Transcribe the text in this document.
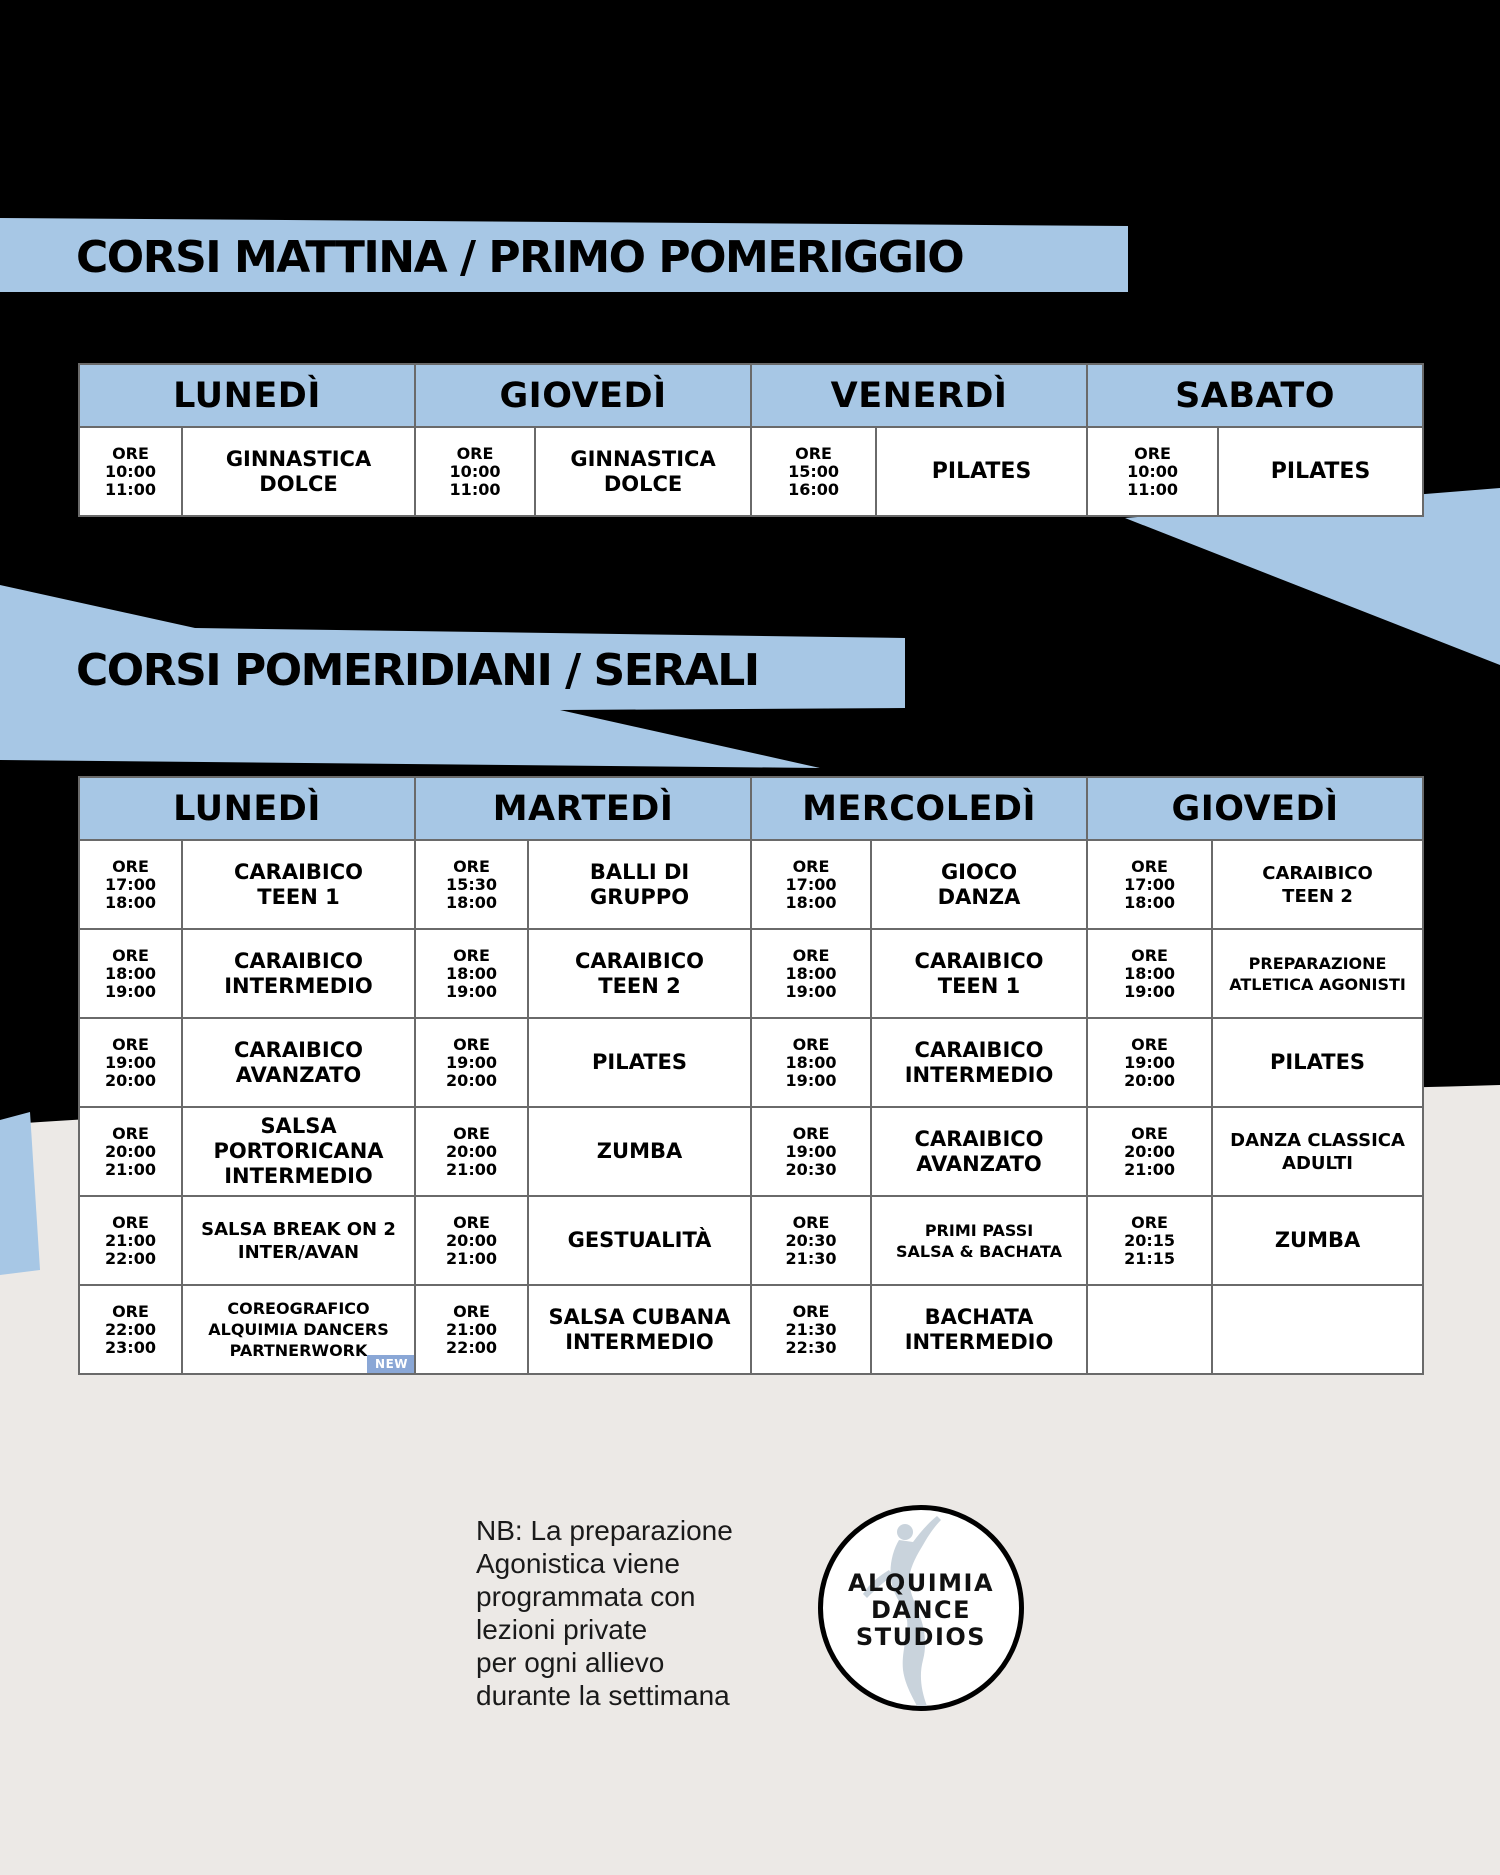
CORSI MATTINA / PRIMO POMERIGGIO
LUNEDÌ		GIOVEDÌ		VENERDÌ		SABATO	

ORE
10:00
11:00	GINNASTICA
DOLCE	ORE
10:00
11:00	GINNASTICA
DOLCE	ORE
15:00
16:00	PILATES	ORE
10:00
11:00	PILATES
CORSI POMERIDIANI / SERALI
LUNEDÌ		MARTEDÌ		MERCOLEDÌ		GIOVEDÌ	

ORE
17:00
18:00	CARAIBICO
TEEN 1	ORE
15:30
18:00	BALLI DI
GRUPPO	ORE
17:00
18:00	GIOCO
DANZA	ORE
17:00
18:00	CARAIBICO
TEEN 2

ORE
18:00
19:00	CARAIBICO
INTERMEDIO	ORE
18:00
19:00	CARAIBICO
TEEN 2	ORE
18:00
19:00	CARAIBICO
TEEN 1	ORE
18:00
19:00	PREPARAZIONE
ATLETICA AGONISTI

ORE
19:00
20:00	CARAIBICO
AVANZATO	ORE
19:00
20:00	PILATES	ORE
18:00
19:00	CARAIBICO
INTERMEDIO	ORE
19:00
20:00	PILATES

ORE
20:00
21:00	SALSA
PORTORICANA
INTERMEDIO	ORE
20:00
21:00	ZUMBA	ORE
19:00
20:30	CARAIBICO
AVANZATO	ORE
20:00
21:00	DANZA CLASSICA
ADULTI

ORE
21:00
22:00	SALSA BREAK ON 2
INTER/AVAN	ORE
20:00
21:00	GESTUALITÀ	ORE
20:30
21:30	PRIMI PASSI
SALSA & BACHATA	ORE
20:15
21:15	ZUMBA

ORE
22:00
23:00	COREOGRAFICO
ALQUIMIA DANCERS
PARTNERWORK
NEW	ORE
21:00
22:00	SALSA CUBANA
INTERMEDIO	ORE
21:30
22:30	BACHATA
INTERMEDIO		

NB: La preparazione
Agonistica viene
programmata con
lezioni private
per ogni allievo
durante la settimana
ALQUIMIA
DANCE
STUDIOS
